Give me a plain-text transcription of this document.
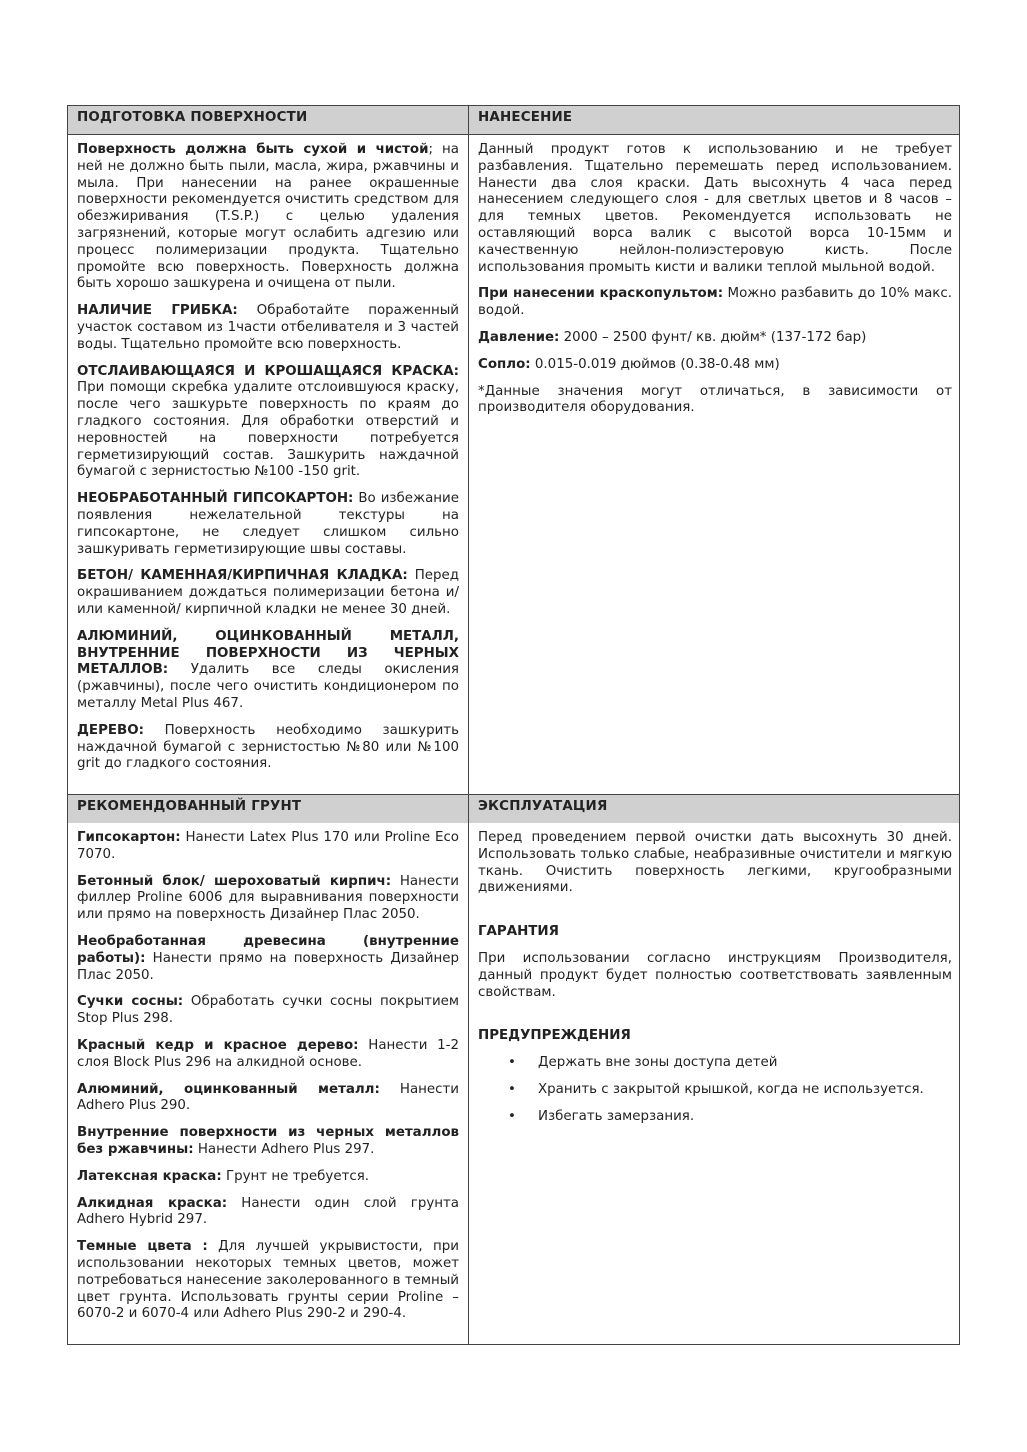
ПОДГОТОВКА ПОВЕРХНОСТИ	НАНЕСЕНИЕ

Поверхность должна быть сухой и чистой; на ней не должно быть пыли, масла, жира, ржавчины и мыла. При нанесении на ранее окрашенные поверхности рекомендуется очистить средством для обезжиривания (T.S.P.) с целью удаления загрязнений, которые могут ослабить адгезию или процесс полимеризации продукта. Тщательно промойте всю поверхность. Поверхность должна быть хорошо зашкурена и очищена от пыли.

НАЛИЧИЕ ГРИБКА: Обработайте пораженный участок составом из 1части отбеливателя и 3 частей воды. Тщательно промойте всю поверхность.

ОТСЛАИВАЮЩАЯСЯ И КРОШАЩАЯСЯ КРАСКА: При помощи скребка удалите отслоившуюся краску, после чего зашкурьте поверхность по краям до гладкого состояния. Для обработки отверстий и неровностей на поверхности потребуется герметизирующий состав. Зашкурить наждачной бумагой с зернистостью №100 -150 grit.

НЕОБРАБОТАННЫЙ ГИПСОКАРТОН: Во избежание появления нежелательной текстуры на гипсокартоне, не следует слишком сильно зашкуривать герметизирующие швы составы.

БЕТОН/ КАМЕННАЯ/КИРПИЧНАЯ КЛАДКА: Перед окрашиванием дождаться полимеризации бетона и/или каменной/ кирпичной кладки не менее 30 дней.

АЛЮМИНИЙ, ОЦИНКОВАННЫЙ МЕТАЛЛ, ВНУТРЕННИЕ ПОВЕРХНОСТИ ИЗ ЧЕРНЫХ МЕТАЛЛОВ: Удалить все следы окисления (ржавчины), после чего очистить кондиционером по металлу Metal Plus 467.

ДЕРЕВО: Поверхность необходимо зашкурить наждачной бумагой с зернистостью №80 или №100 grit до гладкого состояния.

Данный продукт готов к использованию и не требует разбавления. Тщательно перемешать перед использованием. Нанести два слоя краски. Дать высохнуть 4 часа перед нанесением следующего слоя - для светлых цветов и 8 часов – для темных цветов. Рекомендуется использовать не оставляющий ворса валик с высотой ворса 10-15мм и качественную нейлон-полиэстеровую кисть. После использования промыть кисти и валики теплой мыльной водой.

При нанесении краскопультом: Можно разбавить до 10% макс. водой.

Давление: 2000 – 2500 фунт/ кв. дюйм* (137-172 бар)

Сопло: 0.015-0.019 дюймов (0.38-0.48 мм)

*Данные значения могут отличаться, в зависимости от производителя оборудования.

РЕКОМЕНДОВАННЫЙ ГРУНТ	ЭКСПЛУАТАЦИЯ

Гипсокартон: Нанести Latex Plus 170 или Proline Eco 7070.

Бетонный блок/ шероховатый кирпич: Нанести филлер Proline 6006 для выравнивания поверхности или прямо на поверхность Дизайнер Плас 2050.

Необработанная древесина (внутренние работы): Нанести прямо на поверхность Дизайнер Плас 2050.

Сучки сосны: Обработать сучки сосны покрытием Stop Plus 298.

Красный кедр и красное дерево: Нанести 1-2 слоя Block Plus 296 на алкидной основе.

Алюминий, оцинкованный металл: Нанести Adhero Plus 290.

Внутренние поверхности из черных металлов без ржавчины: Нанести Adhero Plus 297.

Латексная краска: Грунт не требуется.

Алкидная краска: Нанести один слой грунта Adhero Hybrid 297.

Темные цвета : Для лучшей укрывистости, при использовании некоторых темных цветов, может потребоваться нанесение заколерованного в темный цвет грунта. Использовать грунты серии Proline – 6070-2 и 6070-4 или Adhero Plus 290-2 и 290-4.

Перед проведением первой очистки дать высохнуть 30 дней. Использовать только слабые, неабразивные очистители и мягкую ткань. Очистить поверхность легкими, кругообразными движениями.

ГАРАНТИЯ

При использовании согласно инструкциям Производителя, данный продукт будет полностью соответствовать заявленным свойствам.

ПРЕДУПРЕЖДЕНИЯ
• Держать вне зоны доступа детей
• Хранить с закрытой крышкой, когда не используется.
• Избегать замерзания.
